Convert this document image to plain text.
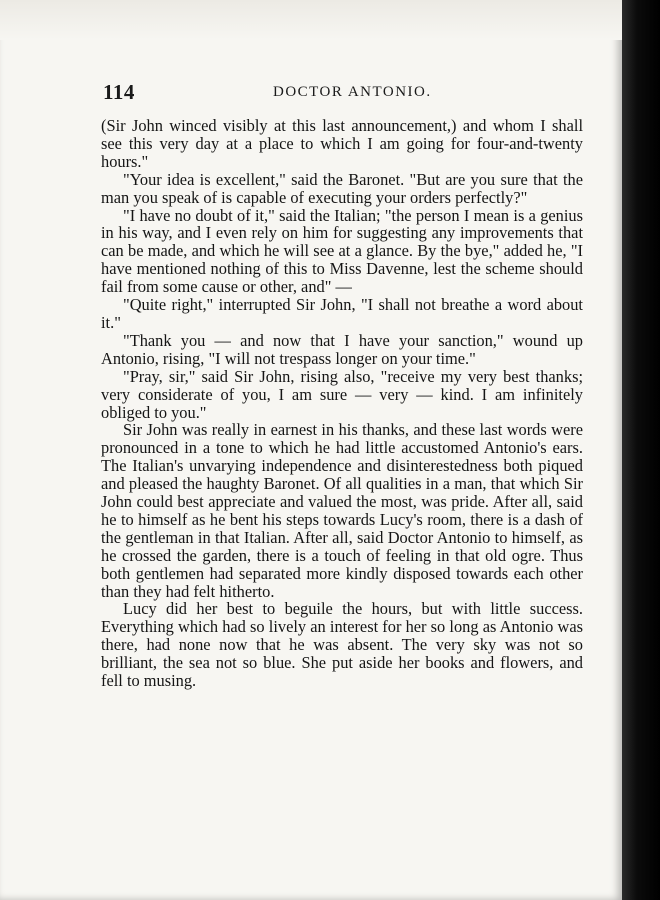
114	DOCTOR ANTONIO.

(Sir John winced visibly at this last announcement,) and whom I shall see this very day at a place to which I am going for four-and-twenty hours."

"Your idea is excellent," said the Baronet. "But are you sure that the man you speak of is capable of executing your orders perfectly?"

"I have no doubt of it," said the Italian; "the person I mean is a genius in his way, and I even rely on him for suggesting any improvements that can be made, and which he will see at a glance. By the bye," added he, "I have mentioned nothing of this to Miss Davenne, lest the scheme should fail from some cause or other, and" —

"Quite right," interrupted Sir John, "I shall not breathe a word about it."

"Thank you — and now that I have your sanction," wound up Antonio, rising, "I will not trespass longer on your time."

"Pray, sir," said Sir John, rising also, "receive my very best thanks; very considerate of you, I am sure — very — kind. I am infinitely obliged to you."

Sir John was really in earnest in his thanks, and these last words were pronounced in a tone to which he had little accustomed Antonio's ears. The Italian's unvarying independence and disinterestedness both piqued and pleased the haughty Baronet. Of all qualities in a man, that which Sir John could best appreciate and valued the most, was pride. After all, said he to himself as he bent his steps towards Lucy's room, there is a dash of the gentleman in that Italian. After all, said Doctor Antonio to himself, as he crossed the garden, there is a touch of feeling in that old ogre. Thus both gentlemen had separated more kindly disposed towards each other than they had felt hitherto.

Lucy did her best to beguile the hours, but with little success. Everything which had so lively an interest for her so long as Antonio was there, had none now that he was absent. The very sky was not so brilliant, the sea not so blue. She put aside her books and flowers, and fell to musing.
